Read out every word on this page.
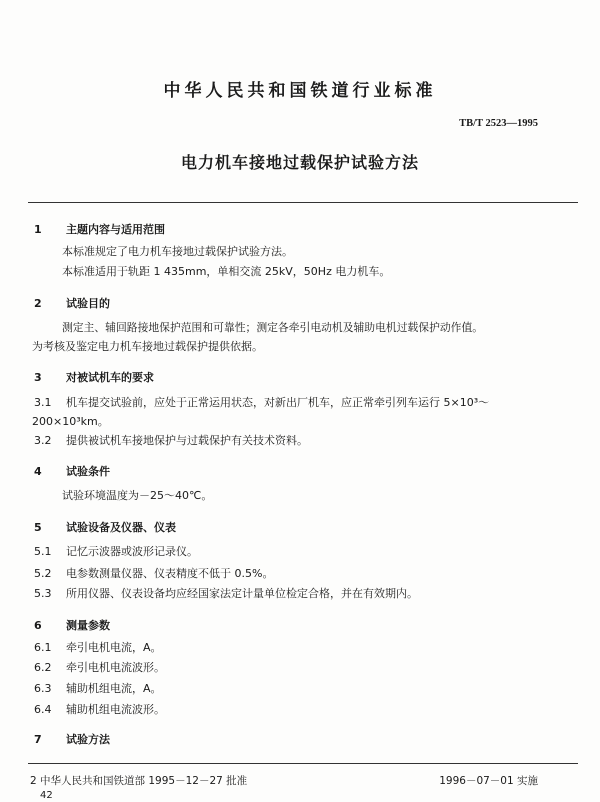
中华人民共和国铁道行业标准
TB/T 2523—1995
电力机车接地过载保护试验方法
1 主题内容与适用范围
本标准规定了电力机车接地过载保护试验方法。
本标准适用于轨距 1 435mm，单相交流 25kV，50Hz 电力机车。
2 试验目的
测定主、辅回路接地保护范围和可靠性；测定各牵引电动机及辅助电机过载保护动作值。
为考核及鉴定电力机车接地过载保护提供依据。
3 对被试机车的要求
3.1 机车提交试验前，应处于正常运用状态，对新出厂机车，应正常牵引列车运行 5×10³～
200×10³km。
3.2 提供被试机车接地保护与过载保护有关技术资料。
4 试验条件
试验环境温度为－25～40℃。
5 试验设备及仪器、仪表
5.1 记忆示波器或波形记录仪。
5.2 电参数测量仪器、仪表精度不低于 0.5%。
5.3 所用仪器、仪表设备均应经国家法定计量单位检定合格，并在有效期内。
6 测量参数
6.1 牵引电机电流，A。
6.2 牵引电机电流波形。
6.3 辅助机组电流，A。
6.4 辅助机组电流波形。
7 试验方法
2 中华人民共和国铁道部 1995－12－27 批准	1996－07－01 实施
42
